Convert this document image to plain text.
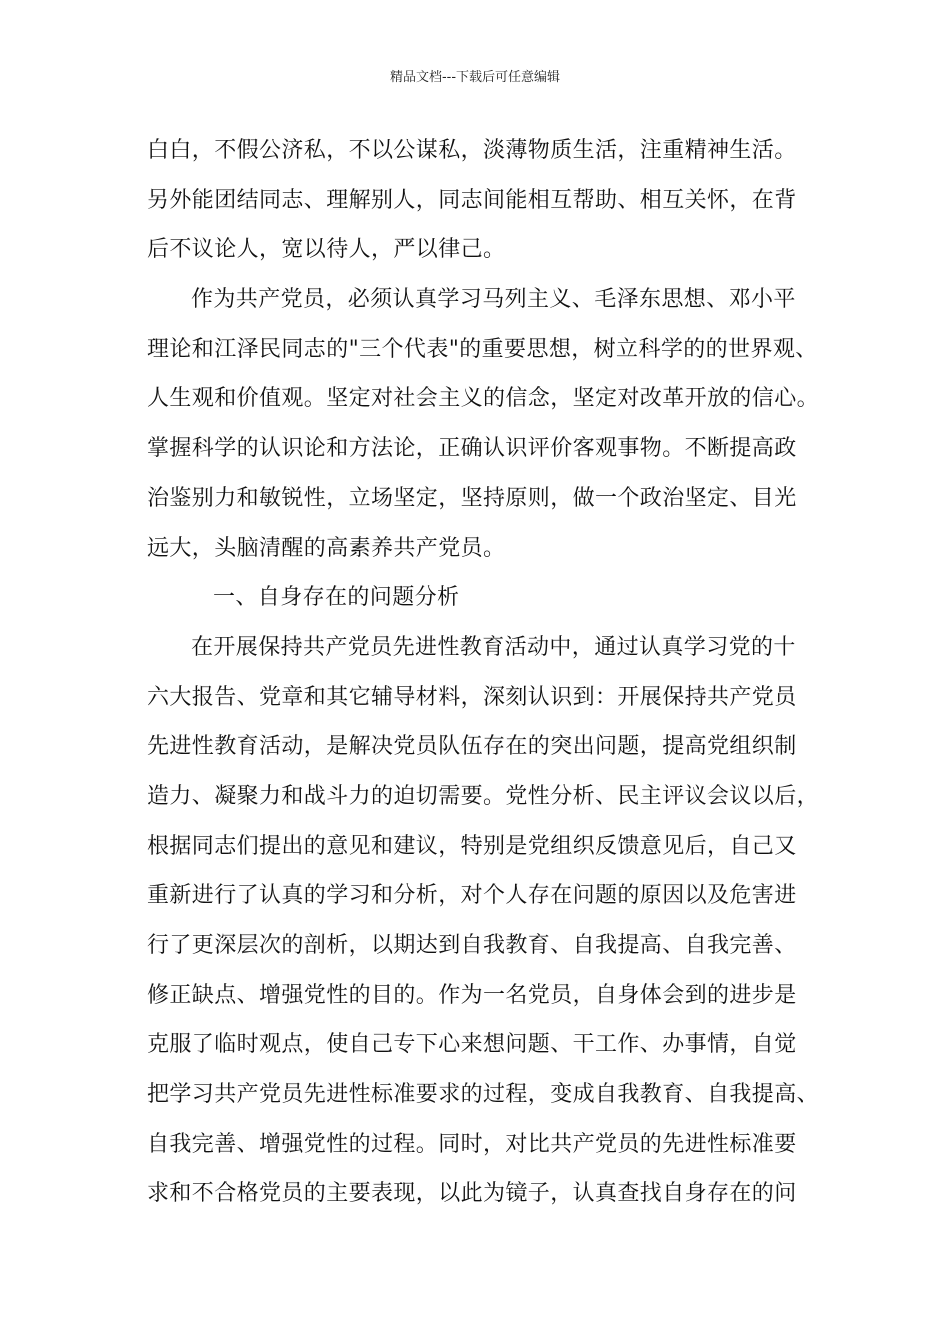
精品文档---下载后可任意编辑
白白，不假公济私，不以公谋私，淡薄物质生活，注重精神生活。
另外能团结同志、理解别人，同志间能相互帮助、相互关怀，在背
后不议论人，宽以待人，严以律己。
作为共产党员，必须认真学习马列主义、毛泽东思想、邓小平
理论和江泽民同志的"三个代表"的重要思想，树立科学的的世界观、
人生观和价值观。坚定对社会主义的信念，坚定对改革开放的信心。
掌握科学的认识论和方法论，正确认识评价客观事物。不断提高政
治鉴别力和敏锐性，立场坚定，坚持原则，做一个政治坚定、目光
远大，头脑清醒的高素养共产党员。
一、自身存在的问题分析
在开展保持共产党员先进性教育活动中，通过认真学习党的十
六大报告、党章和其它辅导材料，深刻认识到：开展保持共产党员
先进性教育活动，是解决党员队伍存在的突出问题，提高党组织制
造力、凝聚力和战斗力的迫切需要。党性分析、民主评议会议以后，
根据同志们提出的意见和建议，特别是党组织反馈意见后，自己又
重新进行了认真的学习和分析，对个人存在问题的原因以及危害进
行了更深层次的剖析，以期达到自我教育、自我提高、自我完善、
修正缺点、增强党性的目的。作为一名党员，自身体会到的进步是
克服了临时观点，使自己专下心来想问题、干工作、办事情，自觉
把学习共产党员先进性标准要求的过程，变成自我教育、自我提高、
自我完善、增强党性的过程。同时，对比共产党员的先进性标准要
求和不合格党员的主要表现，以此为镜子，认真查找自身存在的问
